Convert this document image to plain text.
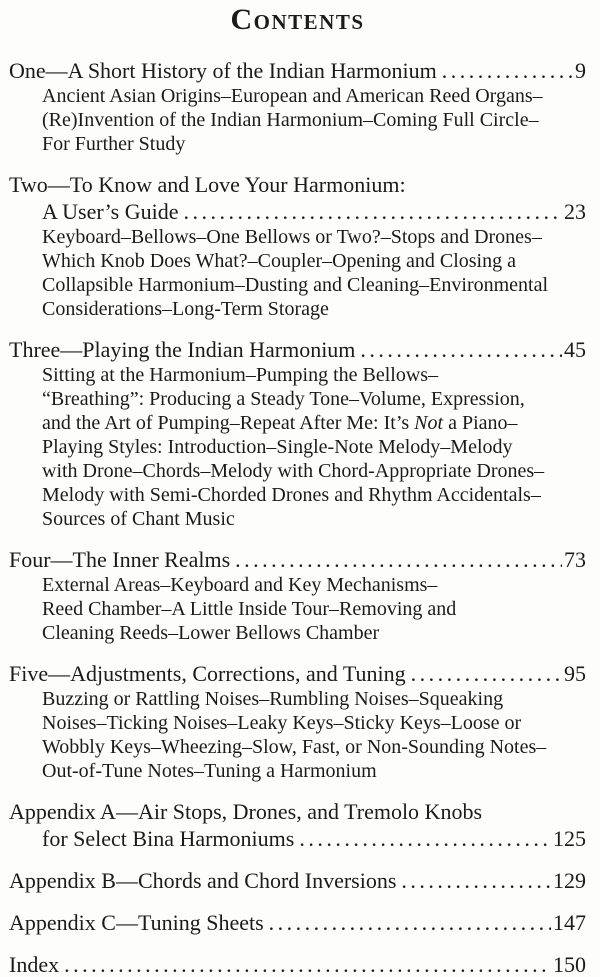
Contents
One—A Short History of the Indian Harmonium .....	9
Ancient Asian Origins–European and American Reed Organs–
(Re)Invention of the Indian Harmonium–Coming Full Circle–
For Further Study
Two—To Know and Love Your Harmonium:
A User’s Guide .....	23
Keyboard–Bellows–One Bellows or Two?–Stops and Drones–
Which Knob Does What?–Coupler–Opening and Closing a
Collapsible Harmonium–Dusting and Cleaning–Environmental
Considerations–Long-Term Storage
Three—Playing the Indian Harmonium .....	45
Sitting at the Harmonium–Pumping the Bellows–
“Breathing”: Producing a Steady Tone–Volume, Expression,
and the Art of Pumping–Repeat After Me: It’s Not a Piano–
Playing Styles: Introduction–Single-Note Melody–Melody
with Drone–Chords–Melody with Chord-Appropriate Drones–
Melody with Semi-Chorded Drones and Rhythm Accidentals–
Sources of Chant Music
Four—The Inner Realms .....	73
External Areas–Keyboard and Key Mechanisms–
Reed Chamber–A Little Inside Tour–Removing and
Cleaning Reeds–Lower Bellows Chamber
Five—Adjustments, Corrections, and Tuning .....	95
Buzzing or Rattling Noises–Rumbling Noises–Squeaking
Noises–Ticking Noises–Leaky Keys–Sticky Keys–Loose or
Wobbly Keys–Wheezing–Slow, Fast, or Non-Sounding Notes–
Out-of-Tune Notes–Tuning a Harmonium
Appendix A—Air Stops, Drones, and Tremolo Knobs
for Select Bina Harmoniums .....	125
Appendix B—Chords and Chord Inversions .....	129
Appendix C—Tuning Sheets .....	147
Index .....	150
